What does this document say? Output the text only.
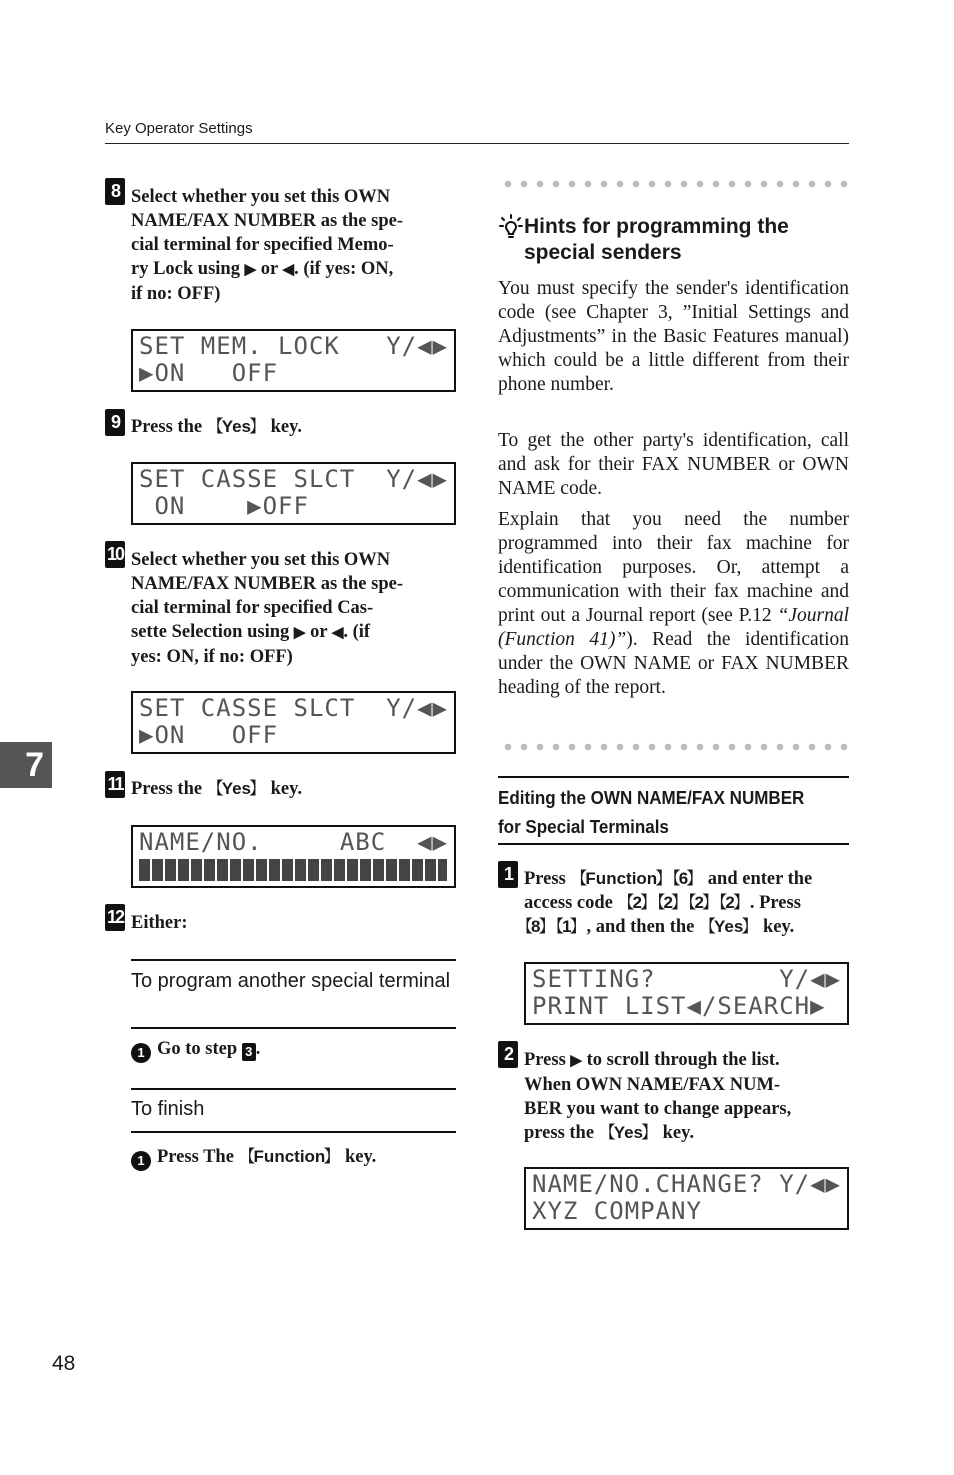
Key Operator Settings
7
8 Select whether you set this OWN
NAME/FAX NUMBER as the spe-
cial terminal for specified Memo-
ry Lock using ▶ or ◀. (if yes: ON,
if no: OFF)
SET MEM. LOCK   Y/◀▶
▶ON   OFF
9 Press the 【 Yes 】 key.
SET CASSE SLCT  Y/◀▶
ON    ▶OFF
10 Select whether you set this OWN
NAME/FAX NUMBER as the spe-
cial terminal for specified Cas-
sette Selection using ▶ or ◀. (if
yes: ON, if no: OFF)
SET CASSE SLCT  Y/◀▶
▶ON   OFF
11 Press the 【 Yes 】 key.
NAME/NO.     ABC  ◀▶
12 Either:
To program another special terminal
1 Go to step 3 .
To finish
1 Press The 【 Function 】 key.
Hints for programming the special senders
You must specify the sender's identification code (see Chapter 3, ”Initial Settings and Adjustments” in the Basic Features manual) which could be a little different from their phone number.
To get the other party's identification, call and ask for their FAX NUMBER or OWN NAME code.
Explain that you need the number programmed into their fax machine for identification purposes. Or, attempt a communication with their fax machine and print out a Journal report (see P.12 “Journal (Function 41)”). Read the identification under the OWN NAME or FAX NUMBER heading of the report.
Editing the OWN NAME/FAX NUMBER
for Special Terminals
1 Press 【 Function 】 【 6 】 and enter the
access code 【 2 】 【 2 】 【 2 】 【 2 】 . Press
【 8 】 【 1 】 , and then the 【 Yes 】 key.
SETTING?        Y/◀▶
PRINT LIST◀/SEARCH▶
2 Press ▶ to scroll through the list.
When OWN NAME/FAX NUM-
BER you want to change appears,
press the 【 Yes 】 key.
NAME/NO.CHANGE? Y/◀▶
XYZ COMPANY
48
